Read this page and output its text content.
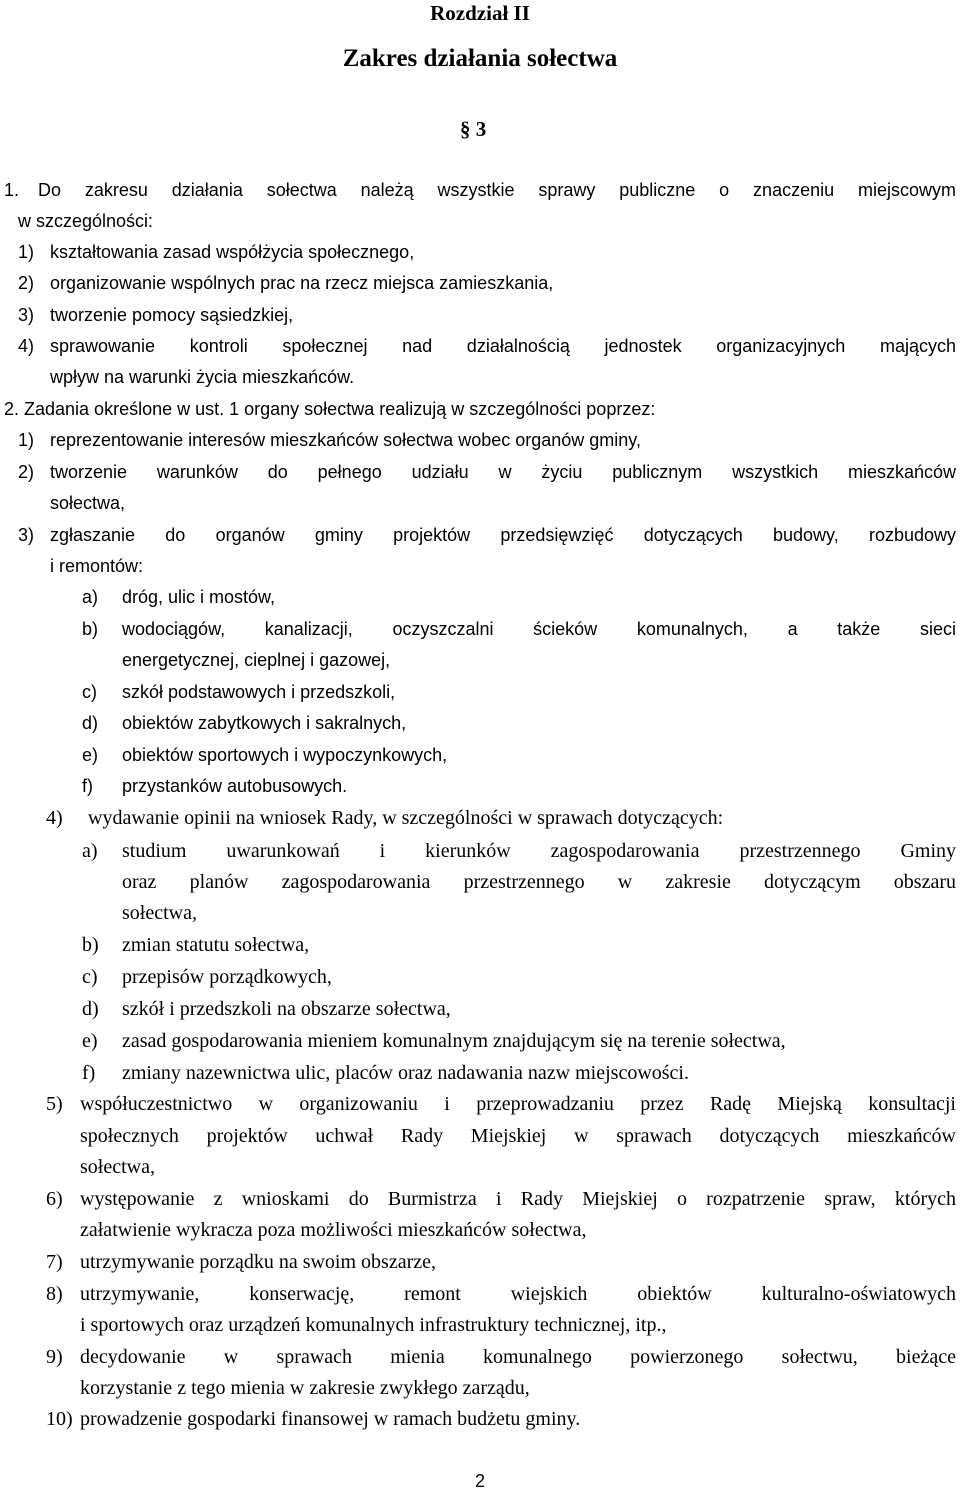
Rozdział II
Zakres działania sołectwa
§ 3
1. Do zakresu działania sołectwa należą wszystkie sprawy publiczne o znaczeniu miejscowym
w szczególności:
1) kształtowania zasad współżycia społecznego,
2) organizowanie wspólnych prac na rzecz miejsca zamieszkania,
3) tworzenie pomocy sąsiedzkiej,
4) sprawowanie kontroli społecznej nad działalnością jednostek organizacyjnych mających
wpływ na warunki życia mieszkańców.
2. Zadania określone w ust. 1 organy sołectwa realizują w szczególności poprzez:
1) reprezentowanie interesów mieszkańców sołectwa wobec organów gminy,
2) tworzenie warunków do pełnego udziału w życiu publicznym wszystkich mieszkańców
sołectwa,
3) zgłaszanie do organów gminy projektów przedsięwzięć dotyczących budowy, rozbudowy
i remontów:
a) dróg, ulic i mostów,
b) wodociągów, kanalizacji, oczyszczalni ścieków komunalnych, a także sieci
energetycznej, cieplnej i gazowej,
c) szkół podstawowych i przedszkoli,
d) obiektów zabytkowych i sakralnych,
e) obiektów sportowych i wypoczynkowych,
f) przystanków autobusowych.
4) wydawanie opinii na wniosek Rady, w szczególności w sprawach dotyczących:
a) studium uwarunkowań i kierunków zagospodarowania przestrzennego Gminy
oraz planów zagospodarowania przestrzennego w zakresie dotyczącym obszaru
sołectwa,
b) zmian statutu sołectwa,
c) przepisów porządkowych,
d) szkół i przedszkoli na obszarze sołectwa,
e) zasad gospodarowania mieniem komunalnym znajdującym się na terenie sołectwa,
f) zmiany nazewnictwa ulic, placów oraz nadawania nazw miejscowości.
5) współuczestnictwo w organizowaniu i przeprowadzaniu przez Radę Miejską konsultacji
społecznych projektów uchwał Rady Miejskiej w sprawach dotyczących mieszkańców
sołectwa,
6) występowanie z wnioskami do Burmistrza i Rady Miejskiej o rozpatrzenie spraw, których
załatwienie wykracza poza możliwości mieszkańców sołectwa,
7) utrzymywanie porządku na swoim obszarze,
8) utrzymywanie, konserwację, remont wiejskich obiektów kulturalno-oświatowych
i sportowych oraz urządzeń komunalnych infrastruktury technicznej, itp.,
9) decydowanie w sprawach mienia komunalnego powierzonego sołectwu, bieżące
korzystanie z tego mienia w zakresie zwykłego zarządu,
10) prowadzenie gospodarki finansowej w ramach budżetu gminy.
2
